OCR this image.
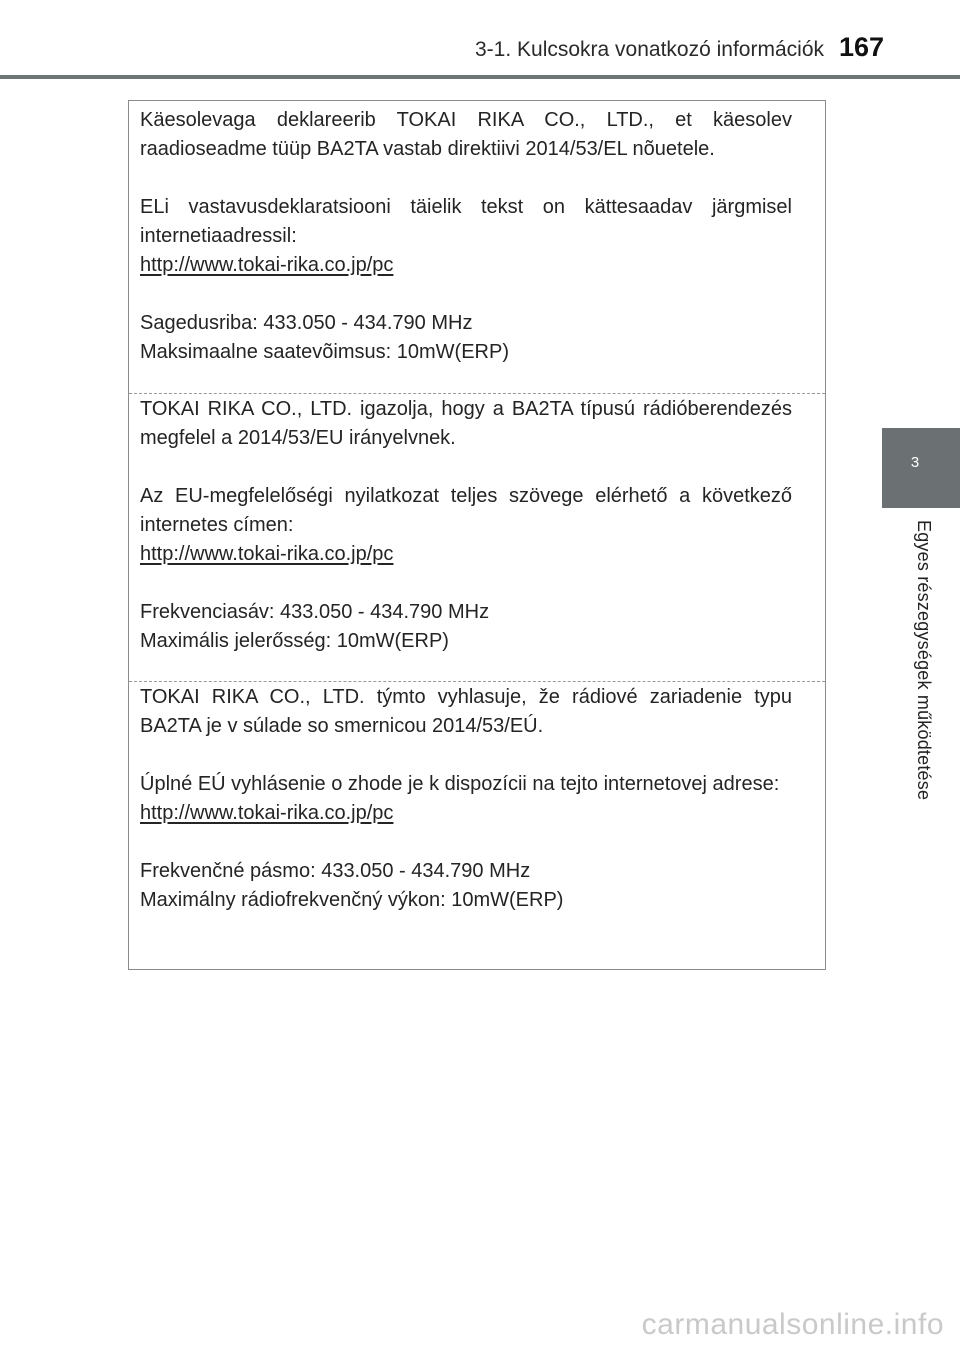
3-1. Kulcsokra vonatkozó információk 167
3
Egyes részegységek működtetése

Käesolevaga deklareerib TOKAI RIKA CO., LTD., et käesolev raadioseadme tüüp BA2TA vastab direktiivi 2014/53/EL nõuetele.

ELi vastavusdeklaratsiooni täielik tekst on kättesaadav järgmisel internetiaadressil:

http://www.tokai-rika.co.jp/pc

Sagedusriba: 433.050 - 434.790 MHz

Maksimaalne saatevõimsus: 10mW(ERP)

TOKAI RIKA CO., LTD. igazolja, hogy a BA2TA típusú rádióberendezés megfelel a 2014/53/EU irányelvnek.

Az EU-megfelelőségi nyilatkozat teljes szövege elérhető a következő internetes címen:

http://www.tokai-rika.co.jp/pc

Frekvenciasáv: 433.050 - 434.790 MHz

Maximális jelerősség: 10mW(ERP)

TOKAI RIKA CO., LTD. týmto vyhlasuje, že rádiové zariadenie typu BA2TA je v súlade so smernicou 2014/53/EÚ.

Úplné EÚ vyhlásenie o zhode je k dispozícii na tejto internetovej adrese:

http://www.tokai-rika.co.jp/pc

Frekvenčné pásmo: 433.050 - 434.790 MHz

Maximálny rádiofrekvenčný výkon: 10mW(ERP)

carmanualsonline.info
